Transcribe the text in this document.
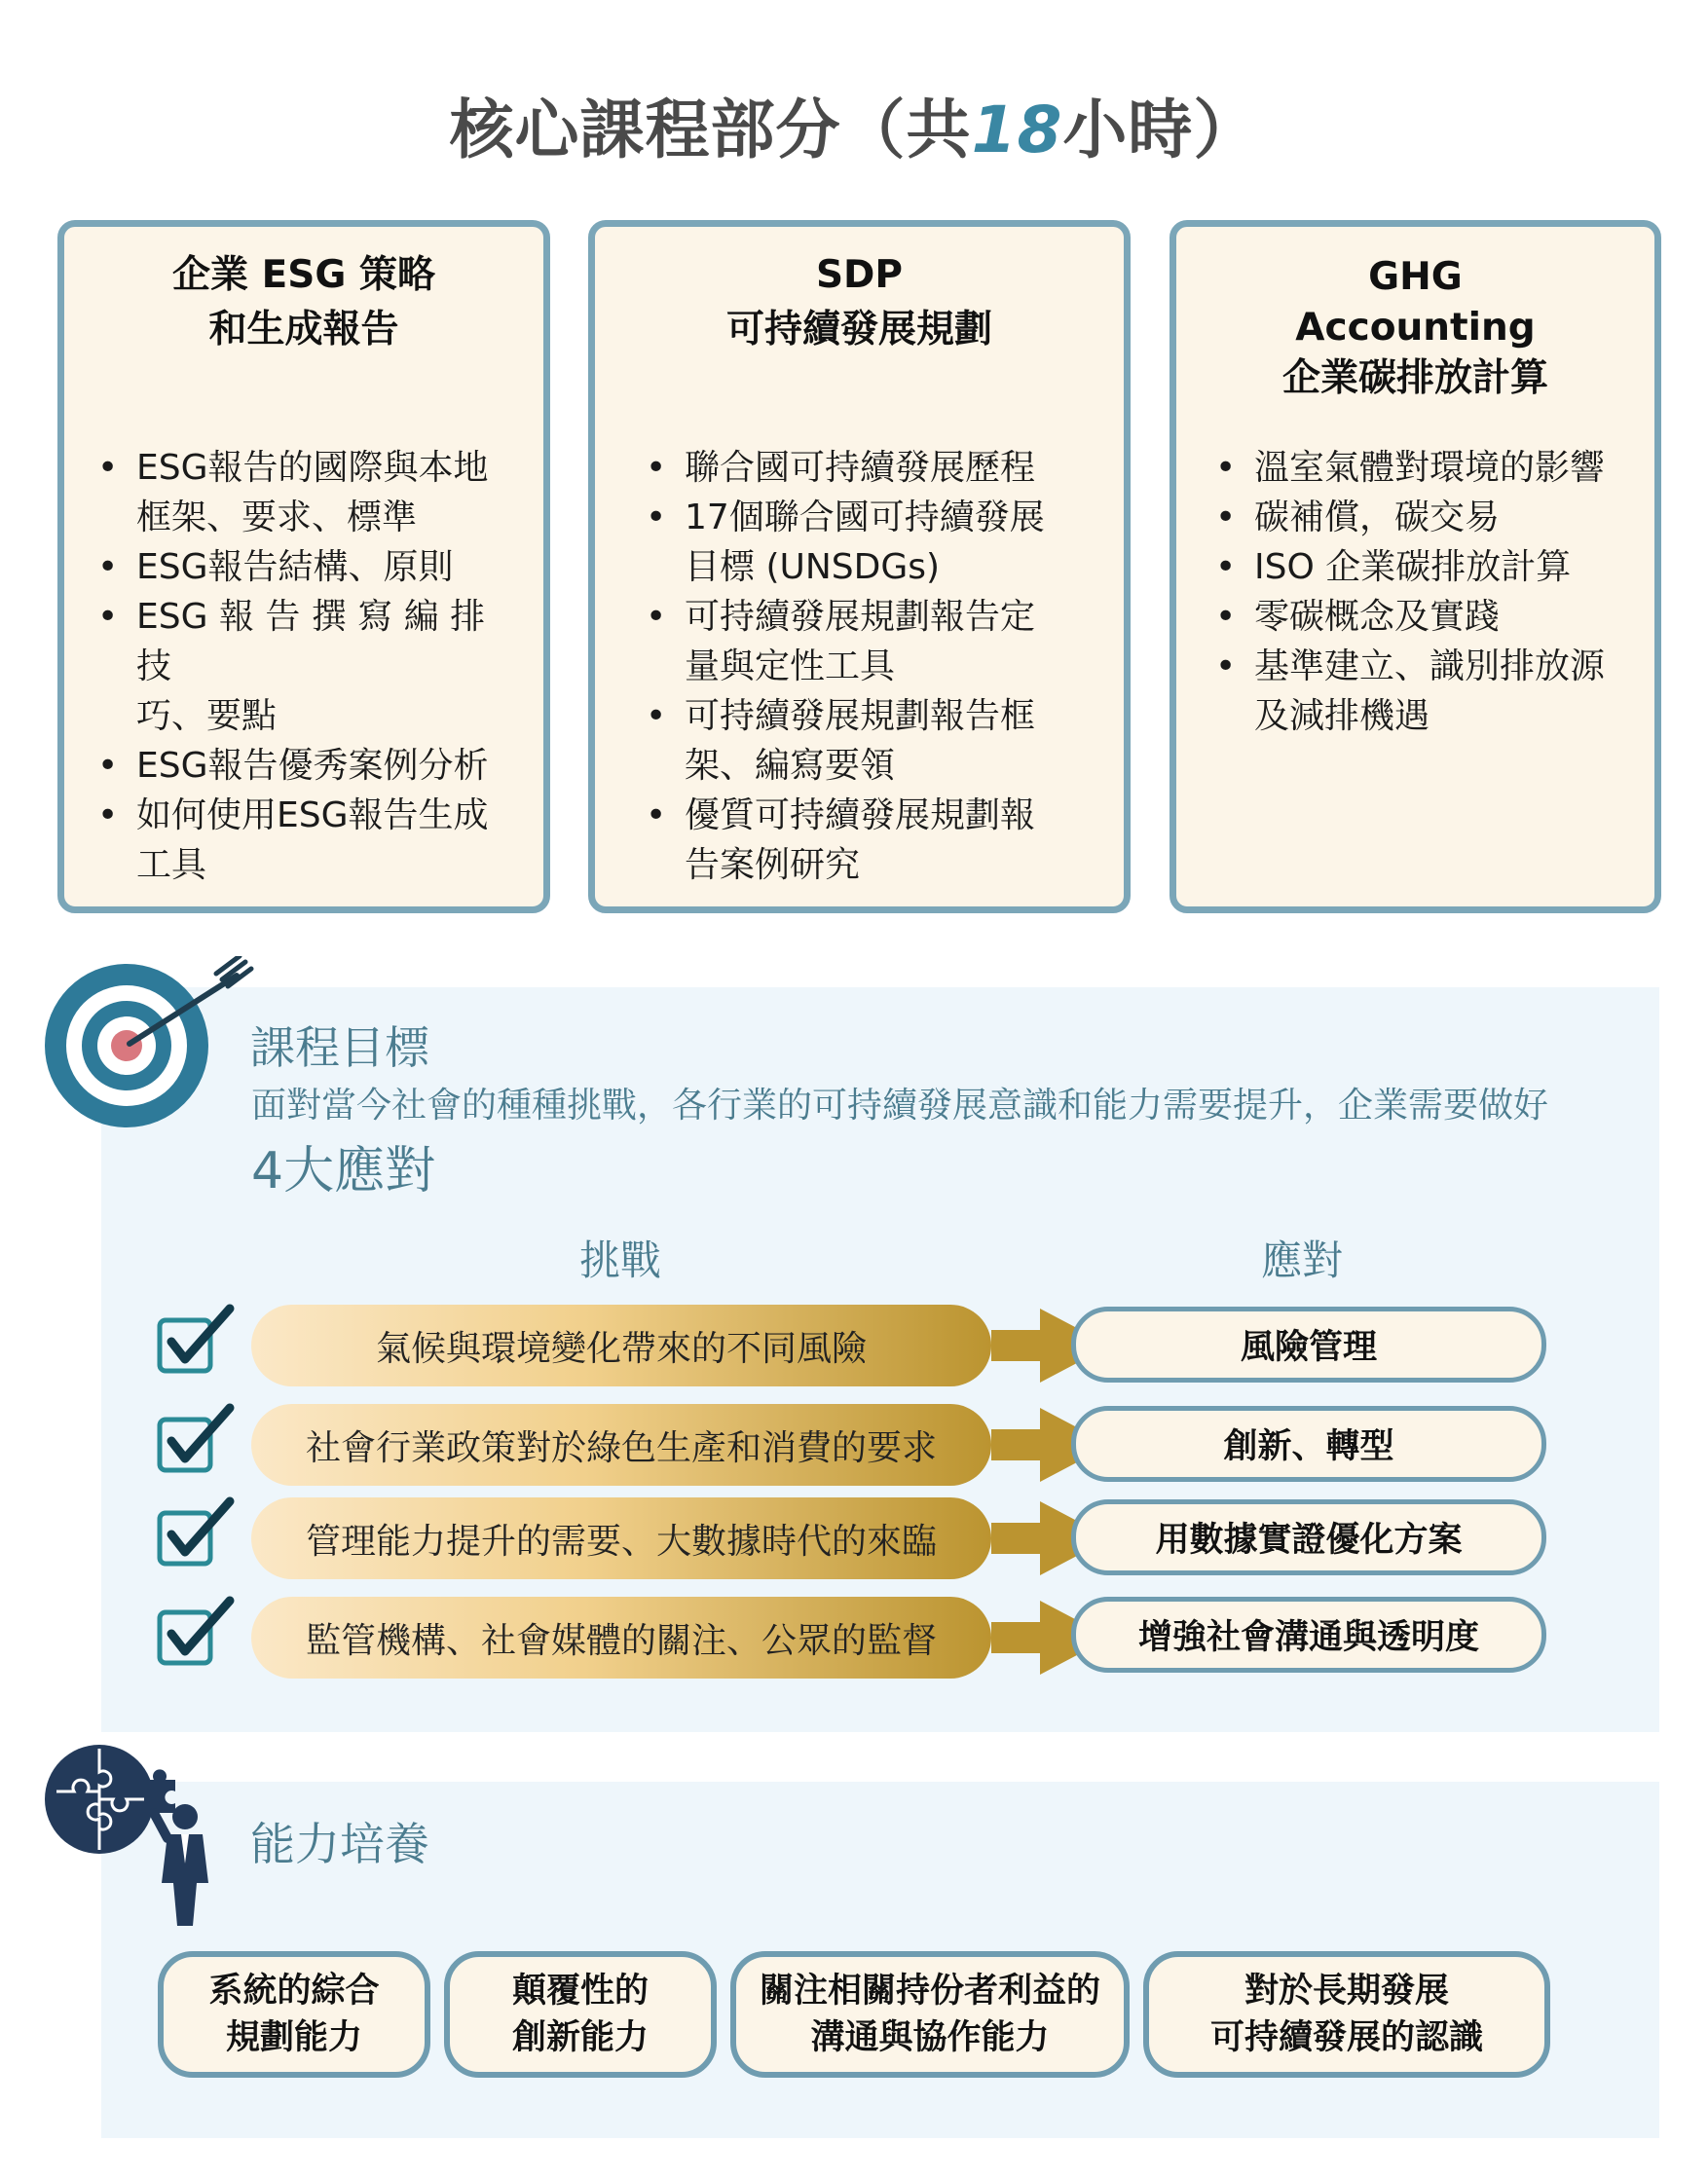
核心課程部分（共18小時）
企業 ESG 策略
和生成報告
• ESG報告的國際與本地
框架、要求、標準
• ESG報告結構、原則
• ESG 報 告 撰 寫 編 排 技
巧、要點
• ESG報告優秀案例分析
• 如何使用ESG報告生成
工具
SDP
可持續發展規劃
• 聯合國可持續發展歷程
• 17個聯合國可持續發展
目標 (UNSDGs)
• 可持續發展規劃報告定
量與定性工具
• 可持續發展規劃報告框
架、編寫要領
• 優質可持續發展規劃報
告案例研究
GHG
Accounting
企業碳排放計算
• 溫室氣體對環境的影響
• 碳補償，碳交易
• ISO 企業碳排放計算
• 零碳概念及實踐
• 基準建立、識別排放源
及減排機遇
課程目標
面對當今社會的種種挑戰，各行業的可持續發展意識和能力需要提升，企業需要做好
4大應對
挑戰	應對
氣候與環境變化帶來的不同風險	風險管理
社會行業政策對於綠色生產和消費的要求	創新、轉型
管理能力提升的需要、大數據時代的來臨	用數據實證優化方案
監管機構、社會媒體的關注、公眾的監督	增強社會溝通與透明度
能力培養
系統的綜合
規劃能力
顛覆性的
創新能力
關注相關持份者利益的
溝通與協作能力
對於長期發展
可持續發展的認識
